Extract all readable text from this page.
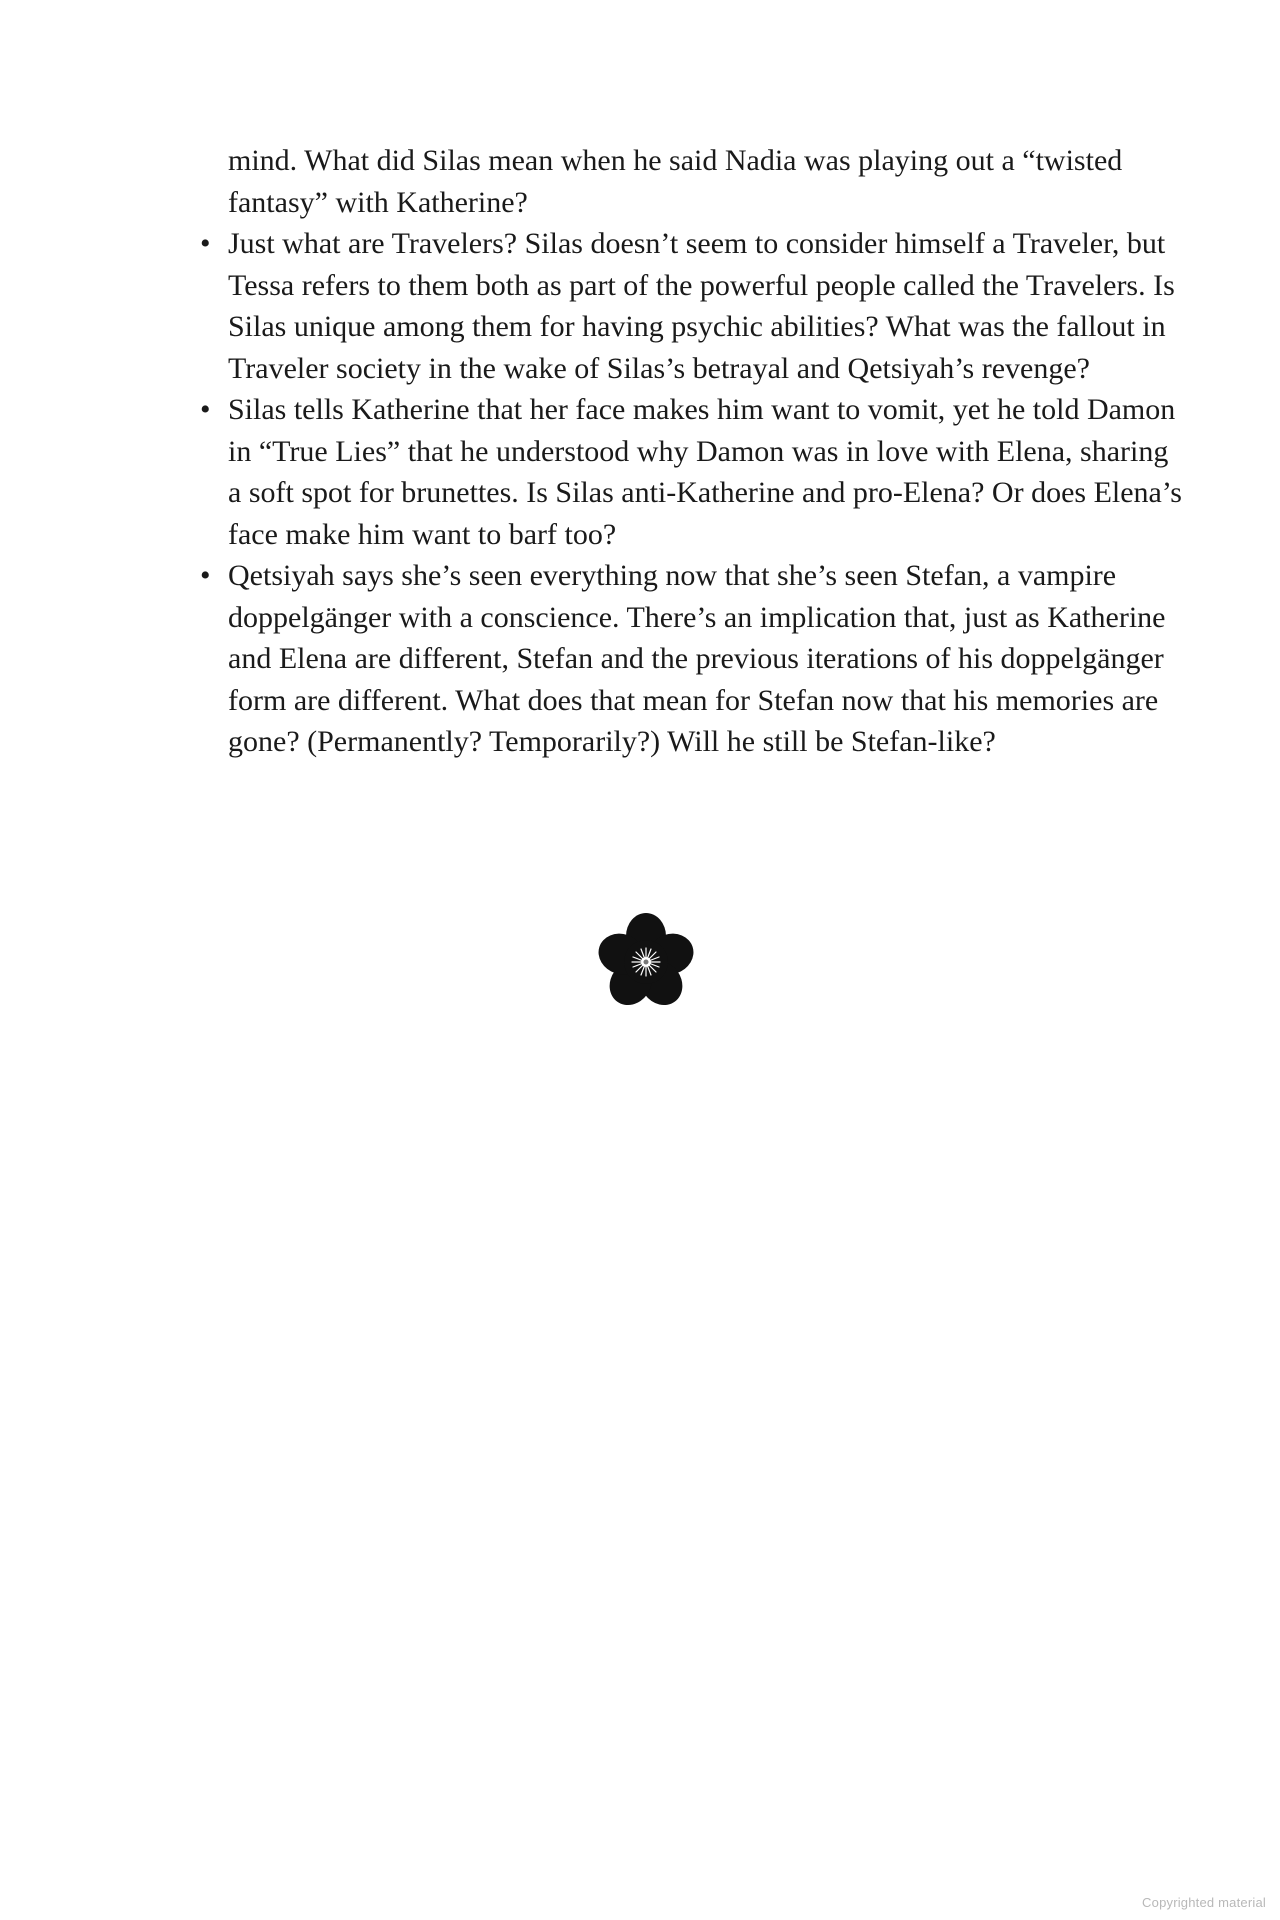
mind. What did Silas mean when he said Nadia was playing out a “twisted fantasy” with Katherine?

• Just what are Travelers? Silas doesn’t seem to consider himself a Traveler, but Tessa refers to them both as part of the powerful people called the Travelers. Is Silas unique among them for having psychic abilities? What was the fallout in Traveler society in the wake of Silas’s betrayal and Qetsiyah’s revenge?
• Silas tells Katherine that her face makes him want to vomit, yet he told Damon in “True Lies” that he understood why Damon was in love with Elena, sharing a soft spot for brunettes. Is Silas anti-Katherine and pro-Elena? Or does Elena’s face make him want to barf too?
• Qetsiyah says she’s seen everything now that she’s seen Stefan, a vampire doppelgänger with a conscience. There’s an implication that, just as Katherine and Elena are different, Stefan and the previous iterations of his doppelgänger form are different. What does that mean for Stefan now that his memories are gone? (Permanently? Temporarily?) Will he still be Stefan-like?
Copyrighted material
